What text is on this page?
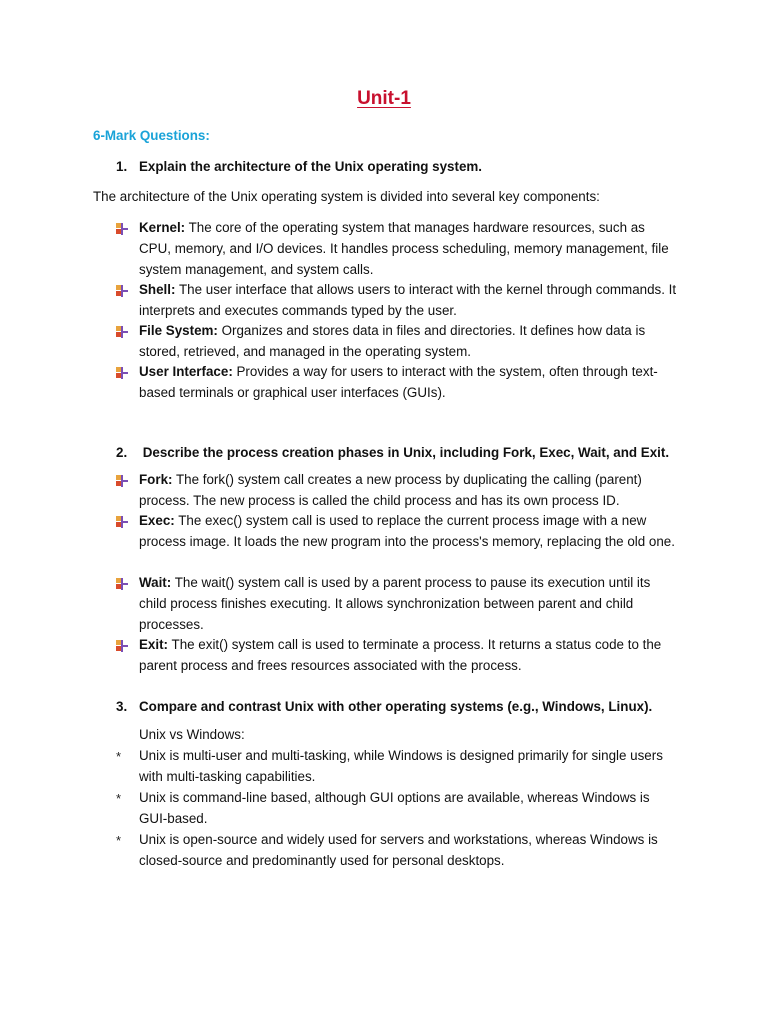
Unit-1
6-Mark Questions:
1. Explain the architecture of the Unix operating system.
The architecture of the Unix operating system is divided into several key components:
Kernel: The core of the operating system that manages hardware resources, such as CPU, memory, and I/O devices. It handles process scheduling, memory management, file system management, and system calls.
Shell: The user interface that allows users to interact with the kernel through commands. It interprets and executes commands typed by the user.
File System: Organizes and stores data in files and directories. It defines how data is stored, retrieved, and managed in the operating system.
User Interface: Provides a way for users to interact with the system, often through text-based terminals or graphical user interfaces (GUIs).
2. Describe the process creation phases in Unix, including Fork, Exec, Wait, and Exit.
Fork: The fork() system call creates a new process by duplicating the calling (parent) process. The new process is called the child process and has its own process ID.
Exec: The exec() system call is used to replace the current process image with a new process image. It loads the new program into the process's memory, replacing the old one.
Wait: The wait() system call is used by a parent process to pause its execution until its child process finishes executing. It allows synchronization between parent and child processes.
Exit: The exit() system call is used to terminate a process. It returns a status code to the parent process and frees resources associated with the process.
3. Compare and contrast Unix with other operating systems (e.g., Windows, Linux).
Unix vs Windows:
* Unix is multi-user and multi-tasking, while Windows is designed primarily for single users with multi-tasking capabilities.
* Unix is command-line based, although GUI options are available, whereas Windows is GUI-based.
* Unix is open-source and widely used for servers and workstations, whereas Windows is closed-source and predominantly used for personal desktops.
